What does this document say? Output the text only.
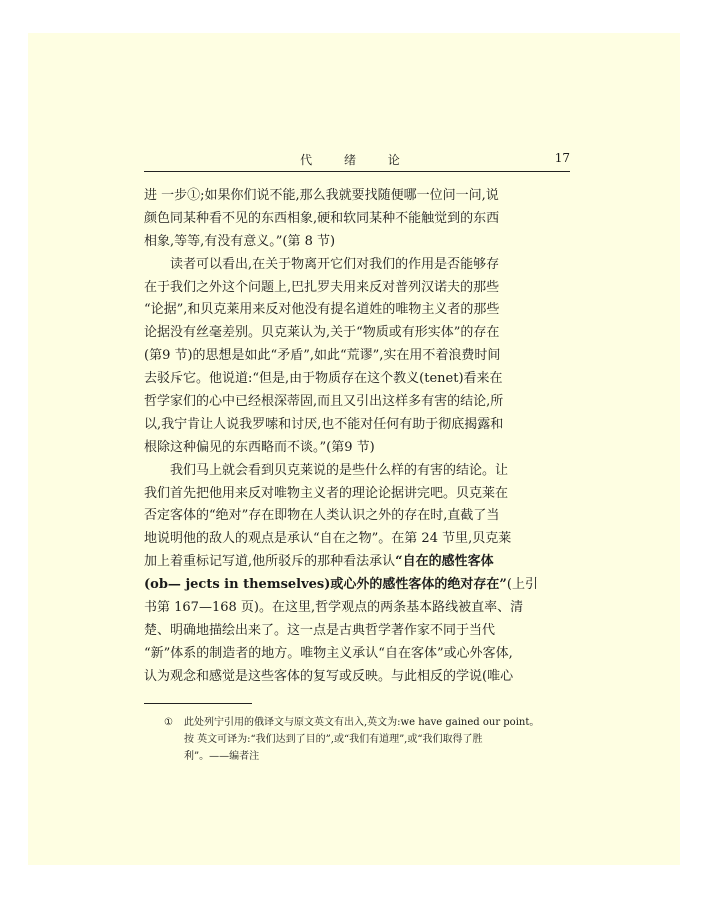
代 绪 论	17
进 一步①;如果你们说不能,那么我就要找随便哪一位问一问,说
颜色同某种看不见的东西相象,硬和软同某种不能触觉到的东西
相象,等等,有没有意义。”(第 8 节)
读者可以看出,在关于物离开它们对我们的作用是否能够存
在于我们之外这个问题上,巴扎罗夫用来反对普列汉诺夫的那些
“论据”,和贝克莱用来反对他没有提名道姓的唯物主义者的那些
论据没有丝毫差别。贝克莱认为,关于“物质或有形实体”的存在
(第9 节)的思想是如此“矛盾”,如此“荒谬”,实在用不着浪费时间
去驳斥它。他说道:“但是,由于物质存在这个教义(tenet)看来在
哲学家们的心中已经根深蒂固,而且又引出这样多有害的结论,所
以,我宁肯让人说我罗嗦和讨厌,也不能对任何有助于彻底揭露和
根除这种偏见的东西略而不谈。”(第9 节)
我们马上就会看到贝克莱说的是些什么样的有害的结论。让
我们首先把他用来反对唯物主义者的理论论据讲完吧。贝克莱在
否定客体的“绝对”存在即物在人类认识之外的存在时,直截了当
地说明他的敌人的观点是承认“自在之物”。在第 24 节里,贝克莱
加上着重标记写道,他所驳斥的那种看法承认“自在的感性客体
(ob— jects in themselves)或心外的感性客体的绝对存在”(上引
书第 167—168 页)。在这里,哲学观点的两条基本路线被直率、清
楚、明确地描绘出来了。这一点是古典哲学著作家不同于当代
“新”体系的制造者的地方。唯物主义承认“自在客体”或心外客体,
认为观念和感觉是这些客体的复写或反映。与此相反的学说(唯心
① 此处列宁引用的俄译文与原文英文有出入,英文为:we have gained our point。
按 英文可译为:“我们达到了目的”,或“我们有道理”,或“我们取得了胜
利”。——编者注
